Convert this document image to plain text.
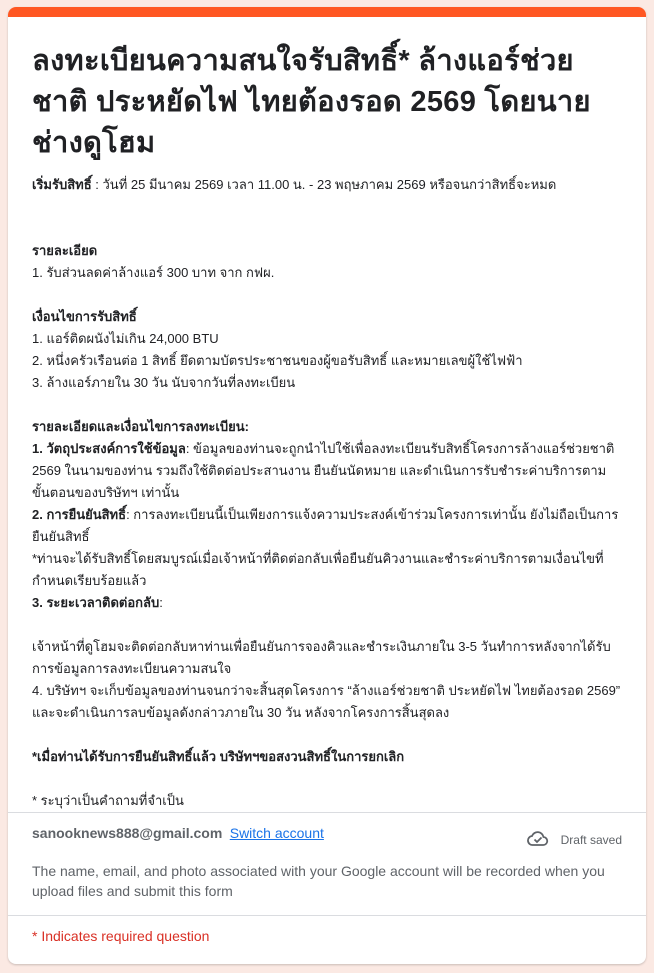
ลงทะเบียนความสนใจรับสิทธิ์* ล้างแอร์ช่วยชาติ ประหยัดไฟ ไทยต้องรอด 2569 โดยนายช่างดูโฮม
เริ่มรับสิทธิ์ : วันที่ 25 มีนาคม 2569 เวลา 11.00 น. - 23 พฤษภาคม 2569 หรือจนกว่าสิทธิ์จะหมด
รายละเอียด
1. รับส่วนลดค่าล้างแอร์ 300 บาท จาก กฟผ.
เงื่อนไขการรับสิทธิ์
1. แอร์ติดผนังไม่เกิน 24,000 BTU
2. หนึ่งครัวเรือนต่อ 1 สิทธิ์ ยึดตามบัตรประชาชนของผู้ขอรับสิทธิ์ และหมายเลขผู้ใช้ไฟฟ้า
3. ล้างแอร์ภายใน 30 วัน นับจากวันที่ลงทะเบียน
รายละเอียดและเงื่อนไขการลงทะเบียน:
1. วัตถุประสงค์การใช้ข้อมูล: ข้อมูลของท่านจะถูกนำไปใช้เพื่อลงทะเบียนรับสิทธิ์โครงการล้างแอร์ช่วยชาติ 2569 ในนามของท่าน รวมถึงใช้ติดต่อประสานงาน ยืนยันนัดหมาย และดำเนินการรับชำระค่าบริการตามขั้นตอนของบริษัทฯ เท่านั้น
2. การยืนยันสิทธิ์: การลงทะเบียนนี้เป็นเพียงการแจ้งความประสงค์เข้าร่วมโครงการเท่านั้น ยังไม่ถือเป็นการยืนยันสิทธิ์
*ท่านจะได้รับสิทธิ์โดยสมบูรณ์เมื่อเจ้าหน้าที่ติดต่อกลับเพื่อยืนยันคิวงานและชำระค่าบริการตามเงื่อนไขที่กำหนดเรียบร้อยแล้ว
3. ระยะเวลาติดต่อกลับ:
เจ้าหน้าที่ดูโฮมจะติดต่อกลับหาท่านเพื่อยืนยันการจองคิวและชำระเงินภายใน 3-5 วันทำการหลังจากได้รับการข้อมูลการลงทะเบียนความสนใจ
4. บริษัทฯ จะเก็บข้อมูลของท่านจนกว่าจะสิ้นสุดโครงการ “ล้างแอร์ช่วยชาติ ประหยัดไฟ ไทยต้องรอด 2569” และจะดำเนินการลบข้อมูลดังกล่าวภายใน 30 วัน หลังจากโครงการสิ้นสุดลง
*เมื่อท่านได้รับการยืนยันสิทธิ์แล้ว บริษัทฯขอสงวนสิทธิ์ในการยกเลิก
* ระบุว่าเป็นคำถามที่จำเป็น
sanooknews888@gmail.com Switch account	Draft saved
The name, email, and photo associated with your Google account will be recorded when you upload files and submit this form
* Indicates required question
